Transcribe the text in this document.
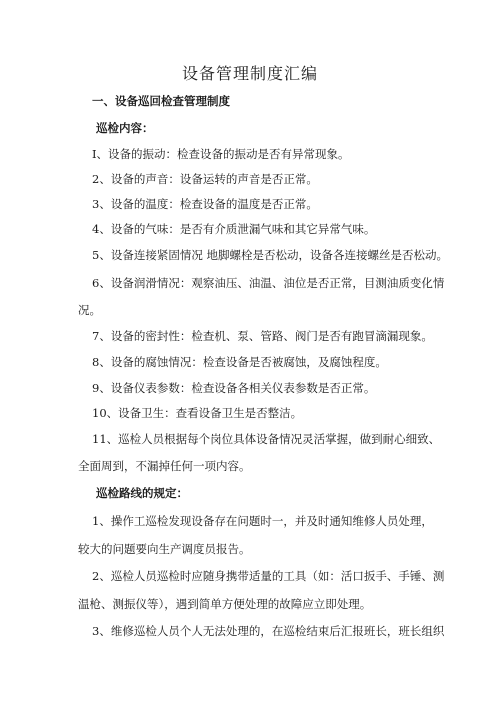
设备管理制度汇编
一、设备巡回检查管理制度
巡检内容：
I、设备的振动：检查设备的振动是否有异常现象。
2、设备的声音：设备运转的声音是否正常。
3、设备的温度：检查设备的温度是否正常。
4、设备的气味：是否有介质泄漏气味和其它异常气味。
5、设备连接紧固情况 地脚螺栓是否松动，设备各连接螺丝是否松动。
6、设备润滑情况：观察油压、油温、油位是否正常，目测油质变化情
况。
7、设备的密封性：检查机、泵、管路、阀门是否有跑冒滴漏现象。
8、设备的腐蚀情况：检查设备是否被腐蚀，及腐蚀程度。
9、设备仪表参数：检查设备各相关仪表参数是否正常。
10、设备卫生：查看设备卫生是否整洁。
11、巡检人员根据每个岗位具体设备情况灵活掌握，做到耐心细致、
全面周到，不漏掉任何一项内容。
巡检路线的规定：
1、操作工巡检发现设备存在问题时一，并及时通知维修人员处理，
较大的问题要向生产调度员报告。
2、巡检人员巡检时应随身携带适量的工具（如：活口扳手、手锤、测
温枪、测振仪等），遇到简单方便处理的故障应立即处理。
3、维修巡检人员个人无法处理的，在巡检结束后汇报班长，班长组织
